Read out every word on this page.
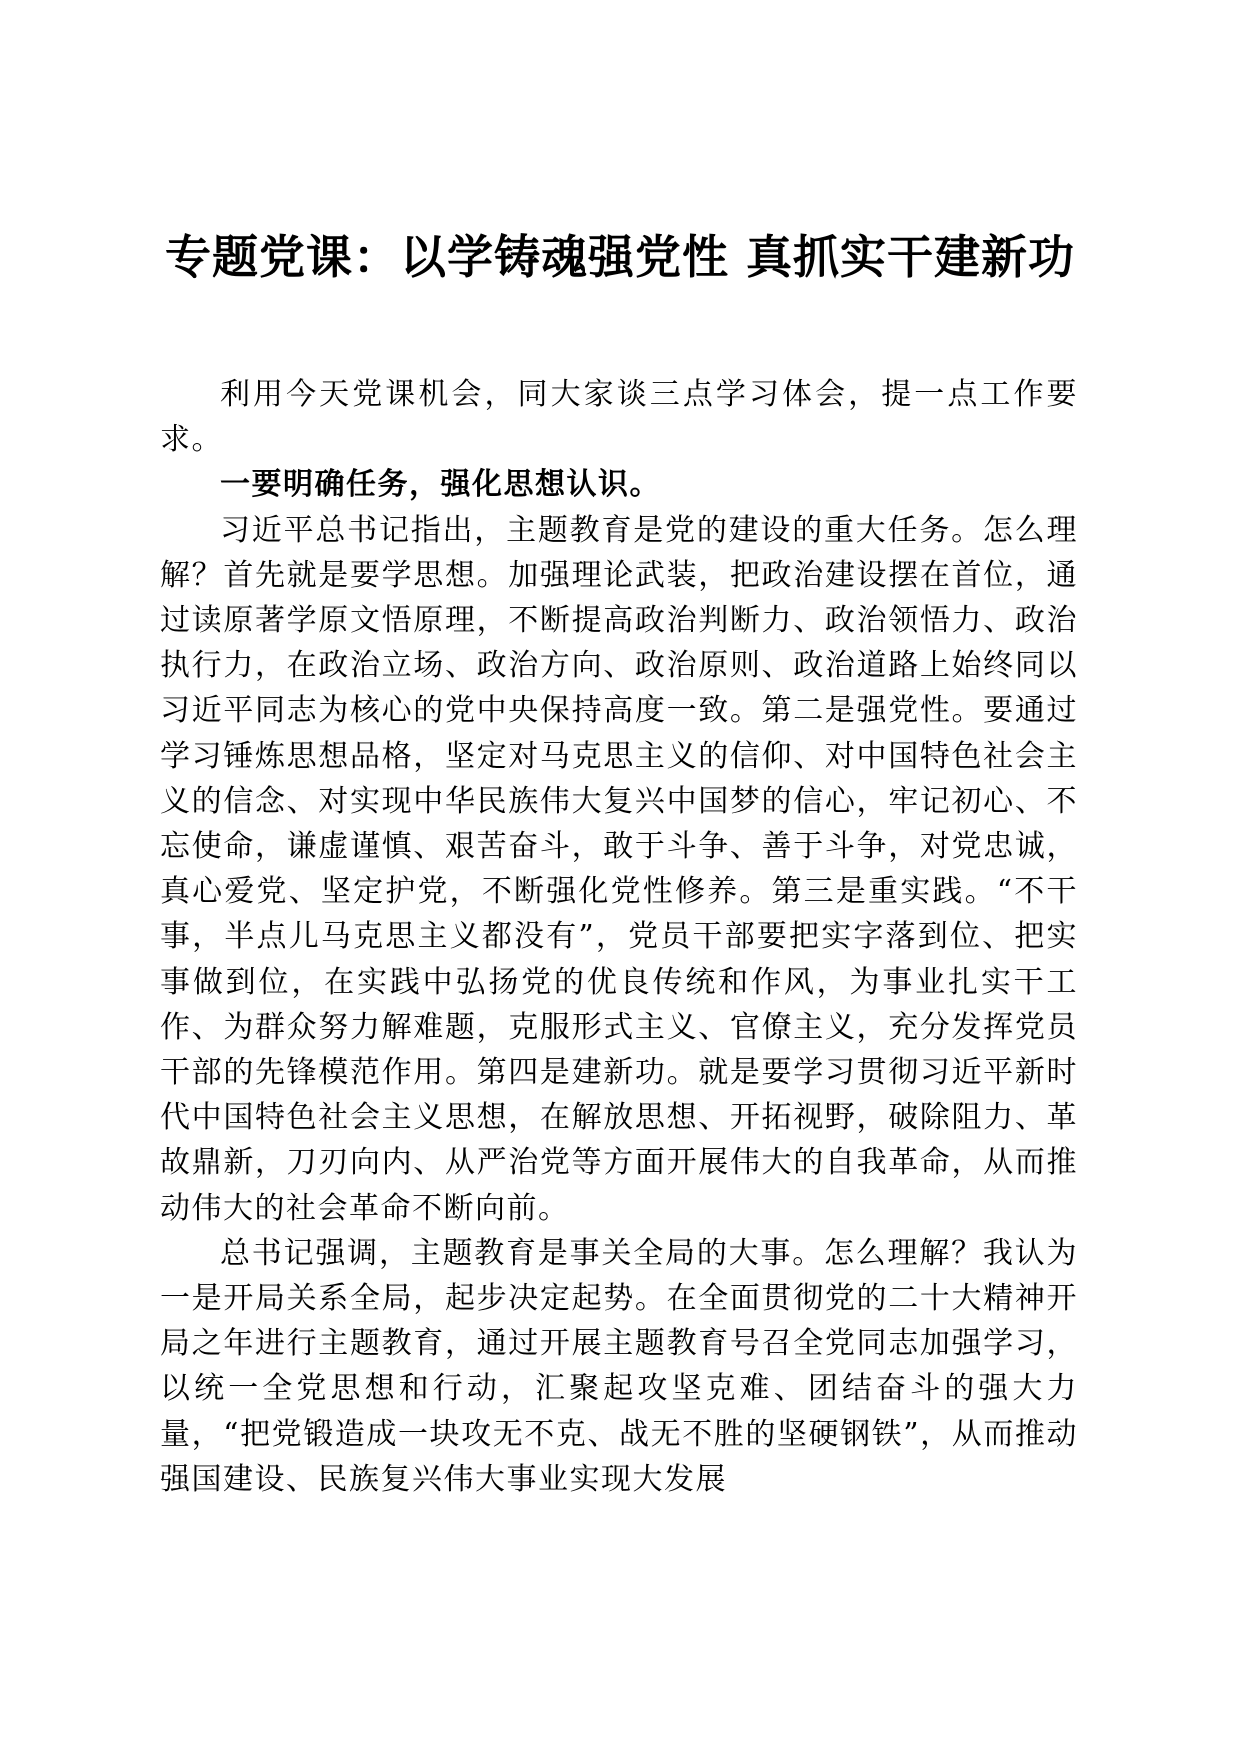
专题党课：以学铸魂强党性 真抓实干建新功

利用今天党课机会，同大家谈三点学习体会，提一点工作要求。

一要明确任务，强化思想认识。

习近平总书记指出，主题教育是党的建设的重大任务。怎么理解？首先就是要学思想。加强理论武装，把政治建设摆在首位，通过读原著学原文悟原理，不断提高政治判断力、政治领悟力、政治执行力，在政治立场、政治方向、政治原则、政治道路上始终同以习近平同志为核心的党中央保持高度一致。第二是强党性。要通过学习锤炼思想品格，坚定对马克思主义的信仰、对中国特色社会主义的信念、对实现中华民族伟大复兴中国梦的信心，牢记初心、不忘使命，谦虚谨慎、艰苦奋斗，敢于斗争、善于斗争，对党忠诚，真心爱党、坚定护党，不断强化党性修养。第三是重实践。“不干事，半点儿马克思主义都没有”，党员干部要把实字落到位、把实事做到位，在实践中弘扬党的优良传统和作风，为事业扎实干工作、为群众努力解难题，克服形式主义、官僚主义，充分发挥党员干部的先锋模范作用。第四是建新功。就是要学习贯彻习近平新时代中国特色社会主义思想，在解放思想、开拓视野，破除阻力、革故鼎新，刀刃向内、从严治党等方面开展伟大的自我革命，从而推动伟大的社会革命不断向前。

总书记强调，主题教育是事关全局的大事。怎么理解？我认为一是开局关系全局，起步决定起势。在全面贯彻党的二十大精神开局之年进行主题教育，通过开展主题教育号召全党同志加强学习，以统一全党思想和行动，汇聚起攻坚克难、团结奋斗的强大力量，“把党锻造成一块攻无不克、战无不胜的坚硬钢铁”，从而推动强国建设、民族复兴伟大事业实现大发展
